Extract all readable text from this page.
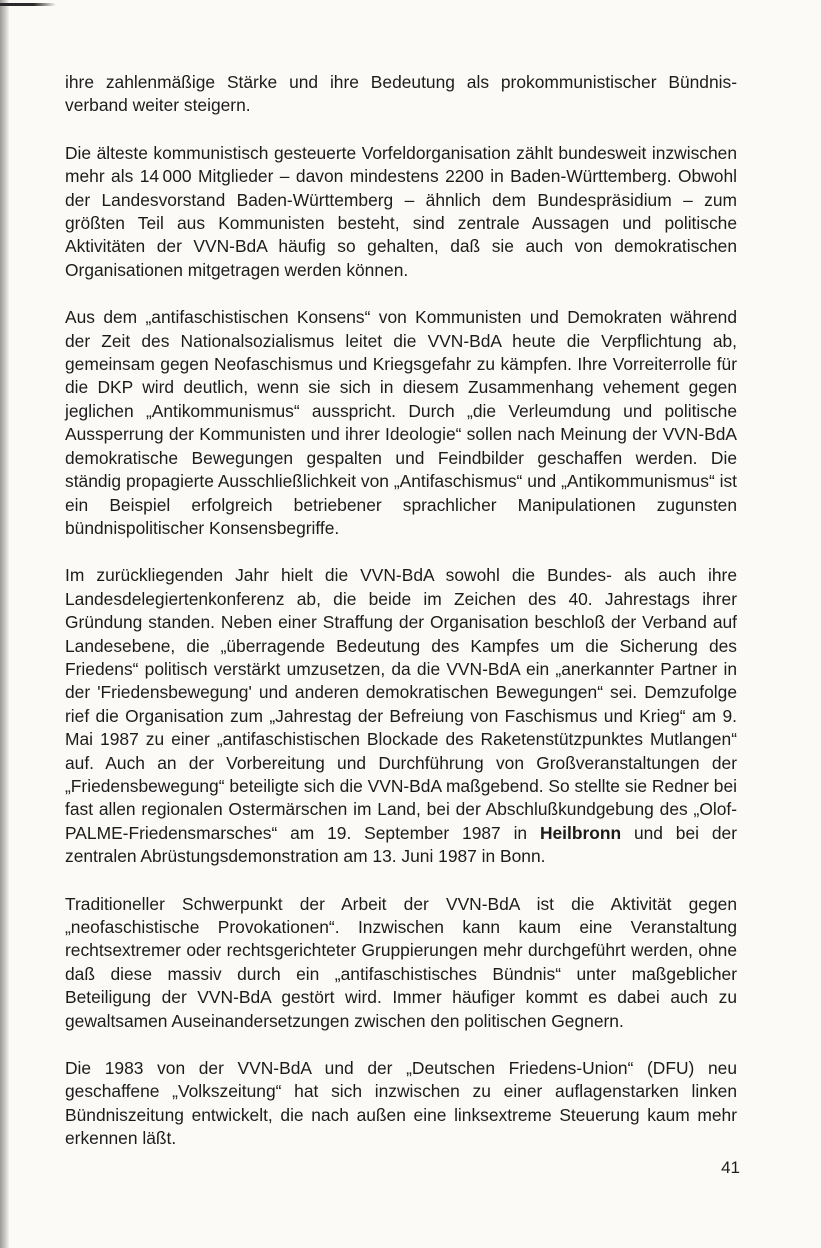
ihre zahlenmäßige Stärke und ihre Bedeutung als prokommunistischer Bündnisverband weiter steigern.

Die älteste kommunistisch gesteuerte Vorfeldorganisation zählt bundesweit inzwischen mehr als 14 000 Mitglieder – davon mindestens 2200 in Baden-Württemberg. Obwohl der Landesvorstand Baden-Württemberg – ähnlich dem Bundespräsidium – zum größten Teil aus Kommunisten besteht, sind zentrale Aussagen und politische Aktivitäten der VVN-BdA häufig so gehalten, daß sie auch von demokratischen Organisationen mitgetragen werden können.

Aus dem „antifaschistischen Konsens“ von Kommunisten und Demokraten während der Zeit des Nationalsozialismus leitet die VVN-BdA heute die Verpflichtung ab, gemeinsam gegen Neofaschismus und Kriegsgefahr zu kämpfen. Ihre Vorreiterrolle für die DKP wird deutlich, wenn sie sich in diesem Zusammenhang vehement gegen jeglichen „Antikommunismus“ ausspricht. Durch „die Verleumdung und politische Aussperrung der Kommunisten und ihrer Ideologie“ sollen nach Meinung der VVN-BdA demokratische Bewegungen gespalten und Feindbilder geschaffen werden. Die ständig propagierte Ausschließlichkeit von „Antifaschismus“ und „Antikommunismus“ ist ein Beispiel erfolgreich betriebener sprachlicher Manipulationen zugunsten bündnispolitischer Konsensbegriffe.

Im zurückliegenden Jahr hielt die VVN-BdA sowohl die Bundes- als auch ihre Landesdelegiertenkonferenz ab, die beide im Zeichen des 40. Jahrestags ihrer Gründung standen. Neben einer Straffung der Organisation beschloß der Verband auf Landesebene, die „überragende Bedeutung des Kampfes um die Sicherung des Friedens“ politisch verstärkt umzusetzen, da die VVN-BdA ein „anerkannter Partner in der 'Friedensbewegung' und anderen demokratischen Bewegungen“ sei. Demzufolge rief die Organisation zum „Jahrestag der Befreiung von Faschismus und Krieg“ am 9. Mai 1987 zu einer „antifaschistischen Blockade des Raketenstützpunktes Mutlangen“ auf. Auch an der Vorbereitung und Durchführung von Großveranstaltungen der „Friedensbewegung“ beteiligte sich die VVN-BdA maßgebend. So stellte sie Redner bei fast allen regionalen Ostermärschen im Land, bei der Abschlußkundgebung des „Olof-PALME-Friedensmarsches“ am 19. September 1987 in Heilbronn und bei der zentralen Abrüstungsdemonstration am 13. Juni 1987 in Bonn.

Traditioneller Schwerpunkt der Arbeit der VVN-BdA ist die Aktivität gegen „neofaschistische Provokationen“. Inzwischen kann kaum eine Veranstaltung rechtsextremer oder rechtsgerichteter Gruppierungen mehr durchgeführt werden, ohne daß diese massiv durch ein „antifaschistisches Bündnis“ unter maßgeblicher Beteiligung der VVN-BdA gestört wird. Immer häufiger kommt es dabei auch zu gewaltsamen Auseinandersetzungen zwischen den politischen Gegnern.

Die 1983 von der VVN-BdA und der „Deutschen Friedens-Union“ (DFU) neu geschaffene „Volkszeitung“ hat sich inzwischen zu einer auflagenstarken linken Bündniszeitung entwickelt, die nach außen eine linksextreme Steuerung kaum mehr erkennen läßt.

41
